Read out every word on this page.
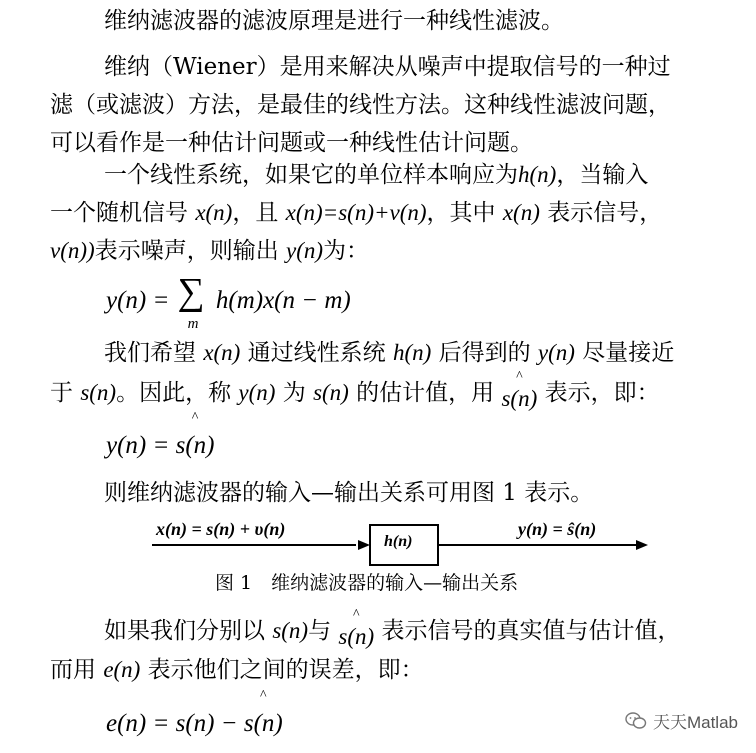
维纳滤波器的滤波原理是进行一种线性滤波。
维纳（Wiener）是用来解决从噪声中提取信号的一种过
滤（或滤波）方法，是最佳的线性方法。这种线性滤波问题，
可以看作是一种估计问题或一种线性估计问题。
一个线性系统，如果它的单位样本响应为h(n)，当输入
一个随机信号 x(n)，且 x(n)=s(n)+v(n)，其中 x(n) 表示信号，
v(n))表示噪声，则输出 y(n)为：
y(n) = ∑
m
h(m)x(n − m)
我们希望 x(n) 通过线性系统 h(n) 后得到的 y(n) 尽量接近
于 s(n)。因此，称 y(n) 为 s(n) 的估计值，用
^
s(n) 表示，即：
y(n) =
^
s(n)
则维纳滤波器的输入—输出关系可用图 1 表示。
x(n) = s(n) + υ(n)
h(n)
y(n) = ŝ(n)
图 1　维纳滤波器的输入—输出关系
如果我们分别以 s(n)与
^
s(n) 表示信号的真实值与估计值，
而用 e(n) 表示他们之间的误差，即：
e(n) = s(n) −
^
s(n)	天天Matlab
